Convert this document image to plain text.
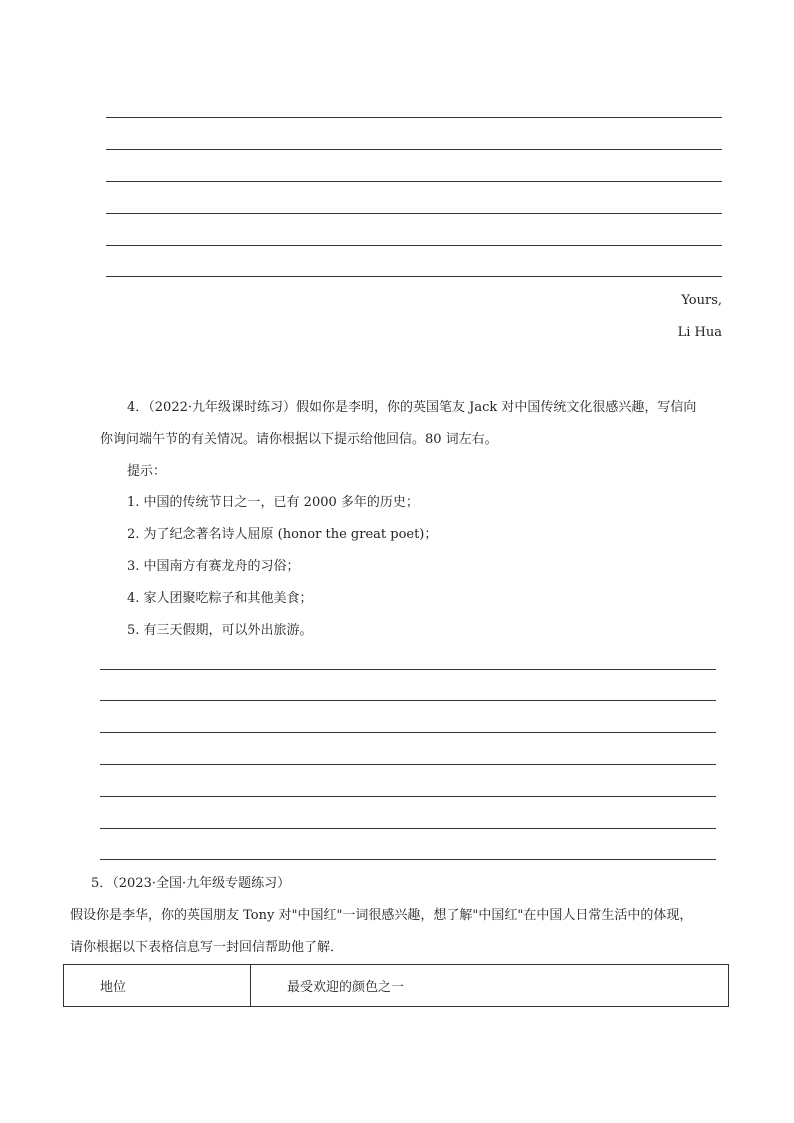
Yours,
Li Hua
4．（2022·九年级课时练习）假如你是李明，你的英国笔友 Jack 对中国传统文化很感兴趣，写信向
你询问端午节的有关情况。请你根据以下提示给他回信。80 词左右。
提示：
1. 中国的传统节日之一，已有 2000 多年的历史；
2. 为了纪念著名诗人屈原 (honor the great poet)；
3. 中国南方有赛龙舟的习俗；
4. 家人团聚吃粽子和其他美食；
5. 有三天假期，可以外出旅游。
5．（2023·全国·九年级专题练习）
假设你是李华，你的英国朋友 Tony 对"中国红"一词很感兴趣，想了解"中国红"在中国人日常生活中的体现，
请你根据以下表格信息写一封回信帮助他了解．
地位	最受欢迎的颜色之一
